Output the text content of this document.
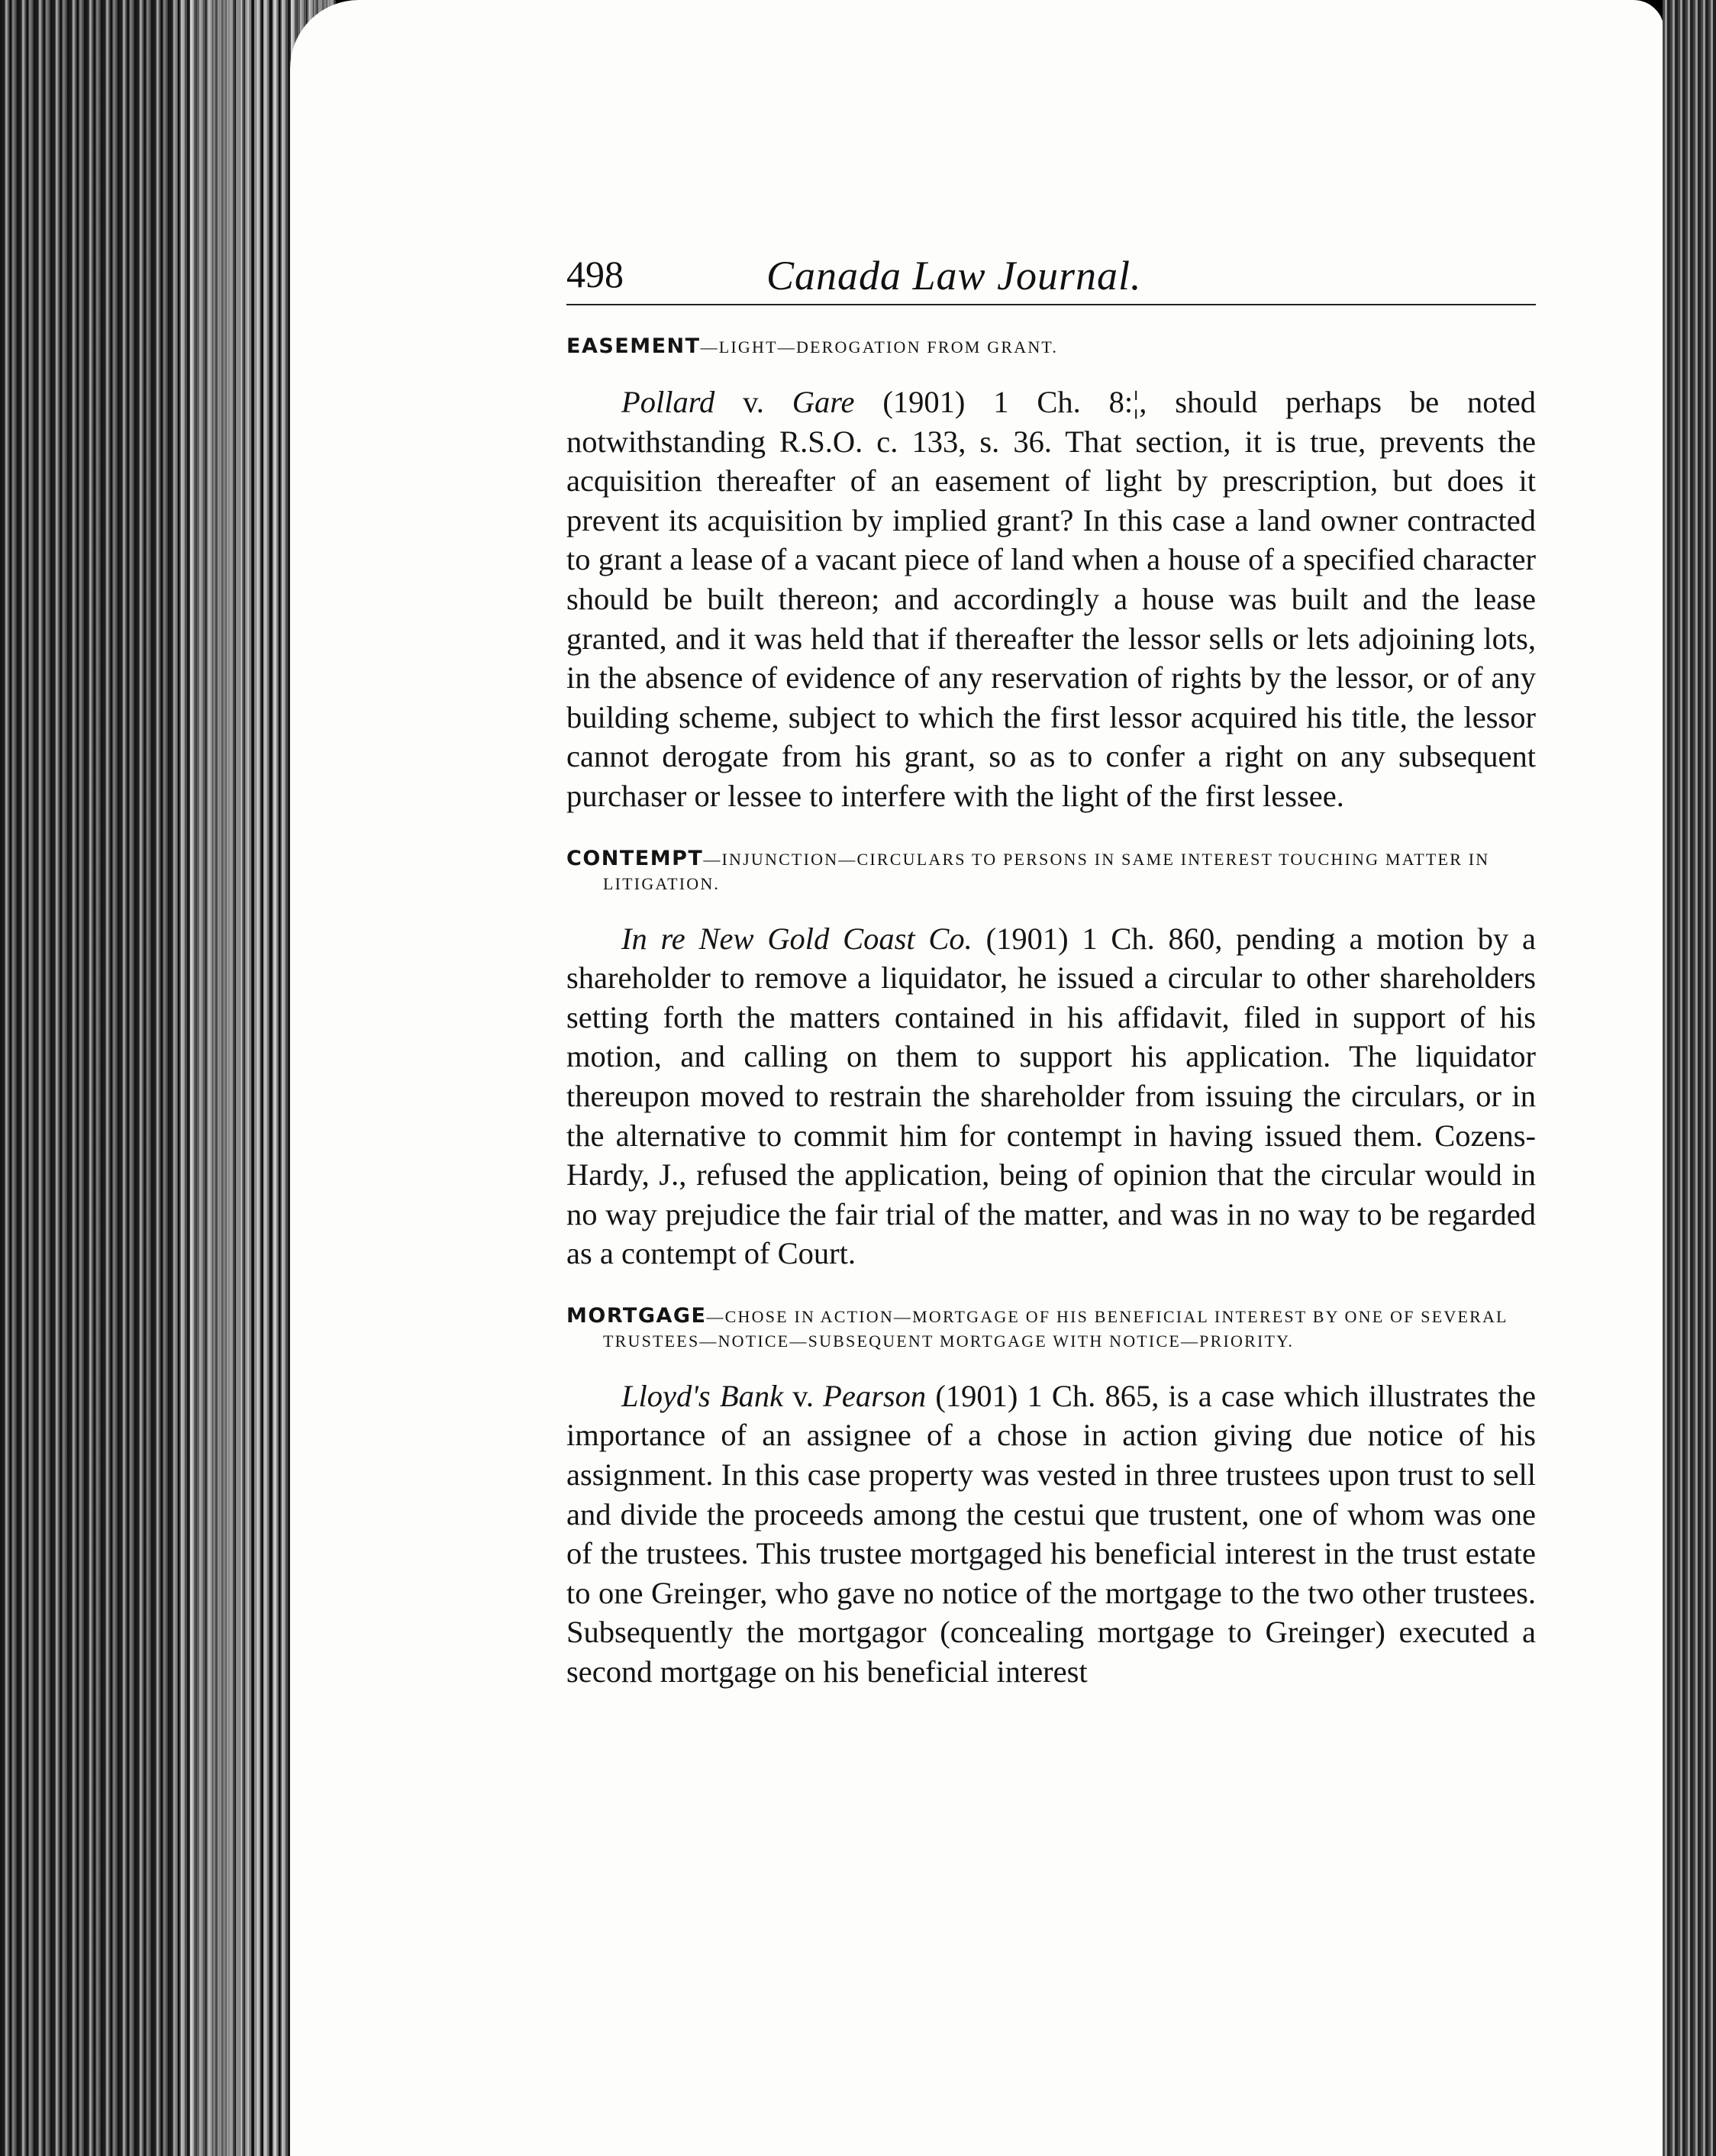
498	Canada Law Journal.
EASEMENT—LIGHT—DEROGATION FROM GRANT.

Pollard v. Gare (1901) 1 Ch. 8:¦, should perhaps be noted notwithstanding R.S.O. c. 133, s. 36. That section, it is true, prevents the acquisition thereafter of an easement of light by prescription, but does it prevent its acquisition by implied grant? In this case a land owner contracted to grant a lease of a vacant piece of land when a house of a specified character should be built thereon; and accordingly a house was built and the lease granted, and it was held that if thereafter the lessor sells or lets adjoining lots, in the absence of evidence of any reservation of rights by the lessor, or of any building scheme, subject to which the first lessor acquired his title, the lessor cannot derogate from his grant, so as to confer a right on any subsequent purchaser or lessee to interfere with the light of the first lessee.

CONTEMPT—INJUNCTION—CIRCULARS TO PERSONS IN SAME INTEREST TOUCHING MATTER IN LITIGATION.

In re New Gold Coast Co. (1901) 1 Ch. 860, pending a motion by a shareholder to remove a liquidator, he issued a circular to other shareholders setting forth the matters contained in his affidavit, filed in support of his motion, and calling on them to support his application. The liquidator thereupon moved to restrain the shareholder from issuing the circulars, or in the alternative to commit him for contempt in having issued them. Cozens-Hardy, J., refused the application, being of opinion that the circular would in no way prejudice the fair trial of the matter, and was in no way to be regarded as a contempt of Court.

MORTGAGE—CHOSE IN ACTION—MORTGAGE OF HIS BENEFICIAL INTEREST BY ONE OF SEVERAL TRUSTEES—NOTICE—SUBSEQUENT MORTGAGE WITH NOTICE—PRIORITY.

Lloyd's Bank v. Pearson (1901) 1 Ch. 865, is a case which illustrates the importance of an assignee of a chose in action giving due notice of his assignment. In this case property was vested in three trustees upon trust to sell and divide the proceeds among the cestui que trustent, one of whom was one of the trustees. This trustee mortgaged his beneficial interest in the trust estate to one Greinger, who gave no notice of the mortgage to the two other trustees. Subsequently the mortgagor (concealing mortgage to Greinger) executed a second mortgage on his beneficial interest
